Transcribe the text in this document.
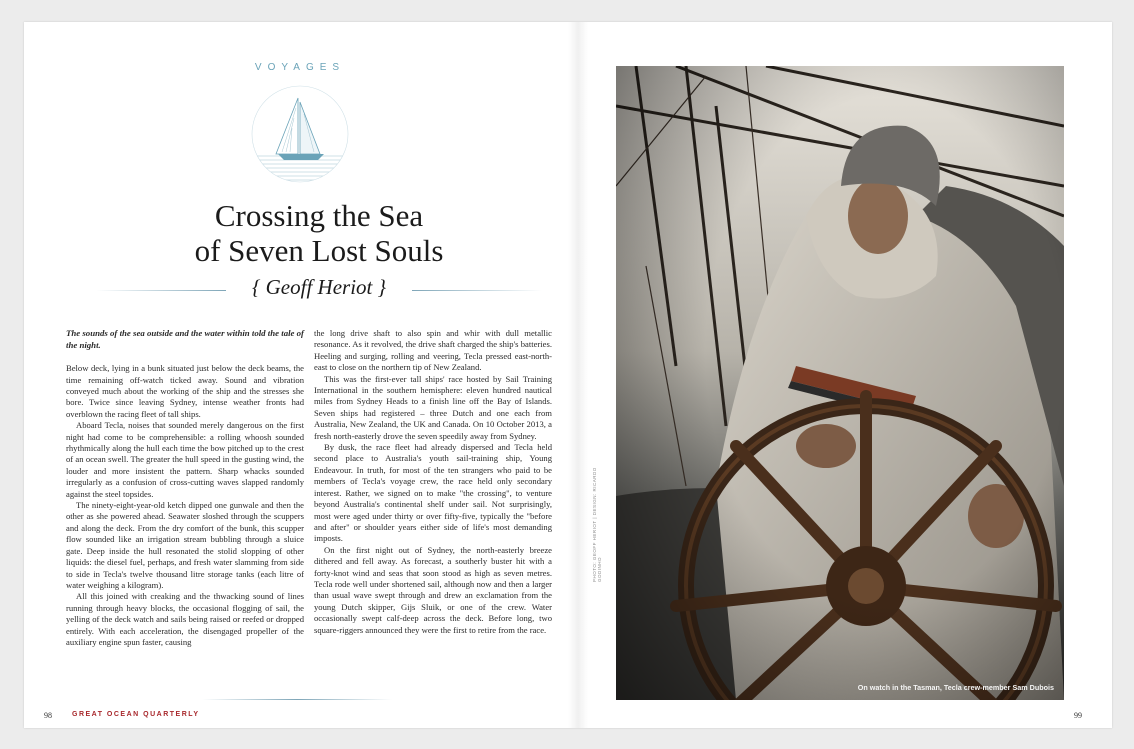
VOYAGES
Crossing the Sea
of Seven Lost Souls
{ Geoff Heriot }

The sounds of the sea outside and the water within told the tale of the night.

Below deck, lying in a bunk situated just below the deck beams, the time remaining off-watch ticked away. Sound and vibration conveyed much about the working of the ship and the stresses she bore. Twice since leaving Sydney, intense weather fronts had overblown the racing fleet of tall ships.

Aboard Tecla, noises that sounded merely dangerous on the first night had come to be comprehensible: a rolling whoosh sounded rhythmically along the hull each time the bow pitched up to the crest of an ocean swell. The greater the hull speed in the gusting wind, the louder and more insistent the pattern. Sharp whacks sounded irregularly as a confusion of cross-cutting waves slapped randomly against the steel topsides.

The ninety-eight-year-old ketch dipped one gunwale and then the other as she powered ahead. Seawater sloshed through the scuppers and along the deck. From the dry comfort of the bunk, this scupper flow sounded like an irrigation stream bubbling through a sluice gate. Deep inside the hull resonated the stolid slopping of other liquids: the diesel fuel, perhaps, and fresh water slamming from side to side in Tecla's twelve thousand litre storage tanks (each litre of water weighing a kilogram).

All this joined with creaking and the thwacking sound of lines running through heavy blocks, the occasional flogging of sail, the yelling of the deck watch and sails being raised or reefed or dropped entirely. With each acceleration, the disengaged propeller of the auxiliary engine spun faster, causing

the long drive shaft to also spin and whir with dull metallic resonance. As it revolved, the drive shaft charged the ship's batteries. Heeling and surging, rolling and veering, Tecla pressed east-north-east to close on the northern tip of New Zealand.

This was the first-ever tall ships' race hosted by Sail Training International in the southern hemisphere: eleven hundred nautical miles from Sydney Heads to a finish line off the Bay of Islands. Seven ships had registered – three Dutch and one each from Australia, New Zealand, the UK and Canada. On 10 October 2013, a fresh north-easterly drove the seven speedily away from Sydney.

By dusk, the race fleet had already dispersed and Tecla held second place to Australia's youth sail-training ship, Young Endeavour. In truth, for most of the ten strangers who paid to be members of Tecla's voyage crew, the race held only secondary interest. Rather, we signed on to make "the crossing", to venture beyond Australia's continental shelf under sail. Not surprisingly, most were aged under thirty or over fifty-five, typically the "before and after" or shoulder years either side of life's most demanding imposts.

On the first night out of Sydney, the north-easterly breeze dithered and fell away. As forecast, a southerly buster hit with a forty-knot wind and seas that soon stood as high as seven metres. Tecla rode well under shortened sail, although now and then a larger than usual wave swept through and drew an exclamation from the young Dutch skipper, Gijs Sluik, or one of the crew. Water occasionally swept calf-deep across the deck. Before long, two square-riggers announced they were the first to retire from the race.

98	GREAT OCEAN QUARTERLY	99
PHOTO: GEOFF HERIOT | DESIGN: RICARDO GODINHO
On watch in the Tasman, Tecla crew-member Sam Dubois
